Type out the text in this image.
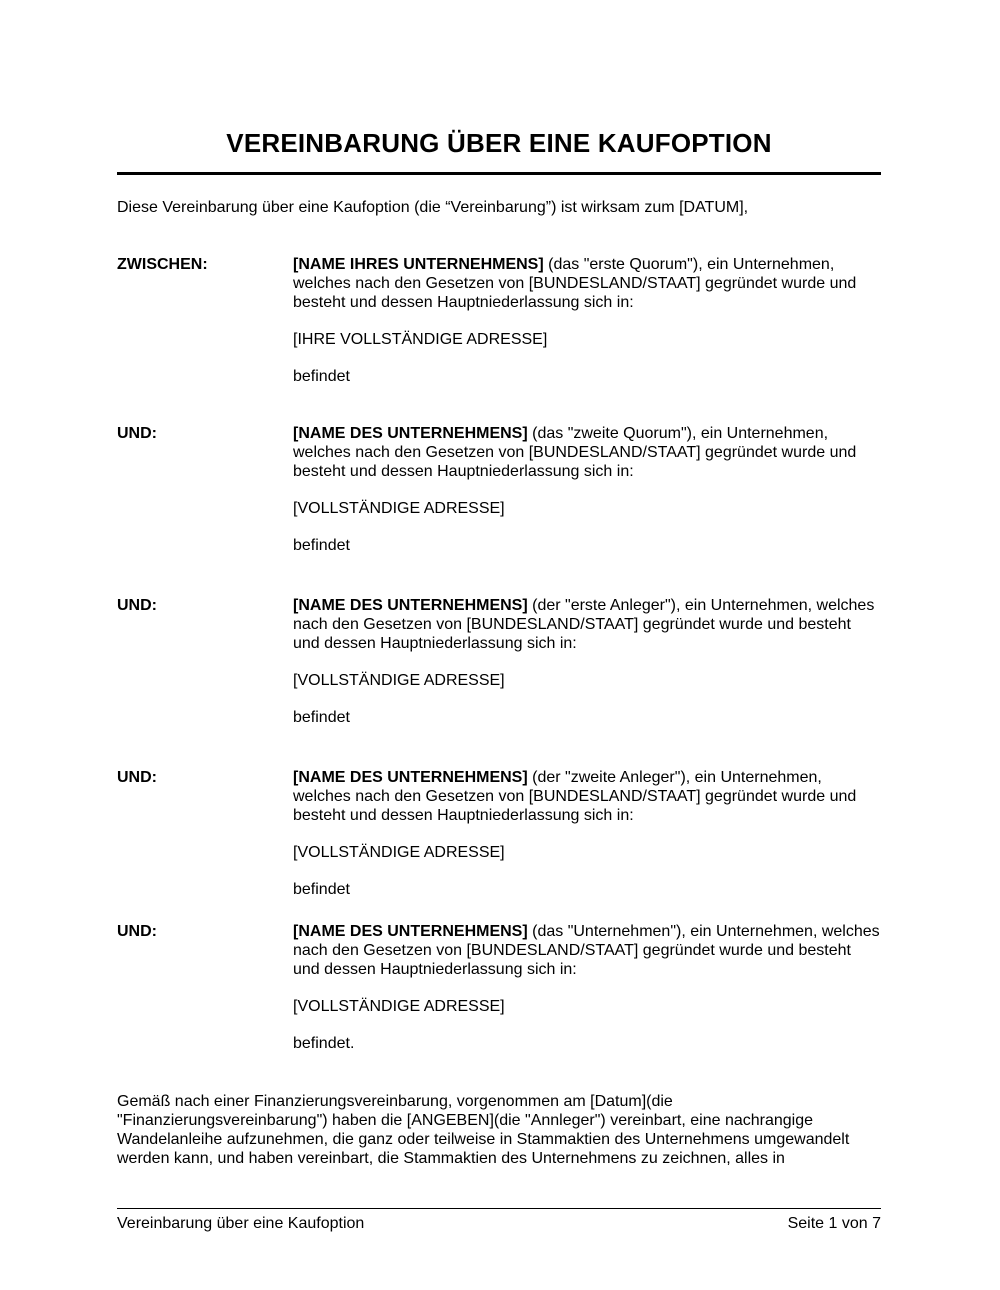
VEREINBARUNG ÜBER EINE KAUFOPTION
Diese Vereinbarung über eine Kaufoption (die “Vereinbarung”) ist wirksam zum [DATUM],
ZWISCHEN:	[NAME IHRES UNTERNEHMENS] (das "erste Quorum"), ein Unternehmen, welches nach den Gesetzen von [BUNDESLAND/STAAT] gegründet wurde und besteht und dessen Hauptniederlassung sich in:

[IHRE VOLLSTÄNDIGE ADRESSE]

befindet

UND:	[NAME DES UNTERNEHMENS] (das "zweite Quorum"), ein Unternehmen, welches nach den Gesetzen von [BUNDESLAND/STAAT] gegründet wurde und besteht und dessen Hauptniederlassung sich in:

[VOLLSTÄNDIGE ADRESSE]

befindet

UND:	[NAME DES UNTERNEHMENS] (der "erste Anleger"), ein Unternehmen, welches nach den Gesetzen von [BUNDESLAND/STAAT] gegründet wurde und besteht und dessen Hauptniederlassung sich in:

[VOLLSTÄNDIGE ADRESSE]

befindet

UND:	[NAME DES UNTERNEHMENS] (der "zweite Anleger"), ein Unternehmen, welches nach den Gesetzen von [BUNDESLAND/STAAT] gegründet wurde und besteht und dessen Hauptniederlassung sich in:

[VOLLSTÄNDIGE ADRESSE]

befindet

UND:	[NAME DES UNTERNEHMENS] (das "Unternehmen"), ein Unternehmen, welches nach den Gesetzen von [BUNDESLAND/STAAT] gegründet wurde und besteht und dessen Hauptniederlassung sich in:

[VOLLSTÄNDIGE ADRESSE]

befindet.

Gemäß nach einer Finanzierungsvereinbarung, vorgenommen am [Datum](die "Finanzierungsvereinbarung") haben die [ANGEBEN](die "Annleger") vereinbart, eine nachrangige Wandelanleihe aufzunehmen, die ganz oder teilweise in Stammaktien des Unternehmens umgewandelt werden kann, und haben vereinbart, die Stammaktien des Unternehmens zu zeichnen, alles in
Vereinbarung über eine Kaufoption	Seite 1 von 7
